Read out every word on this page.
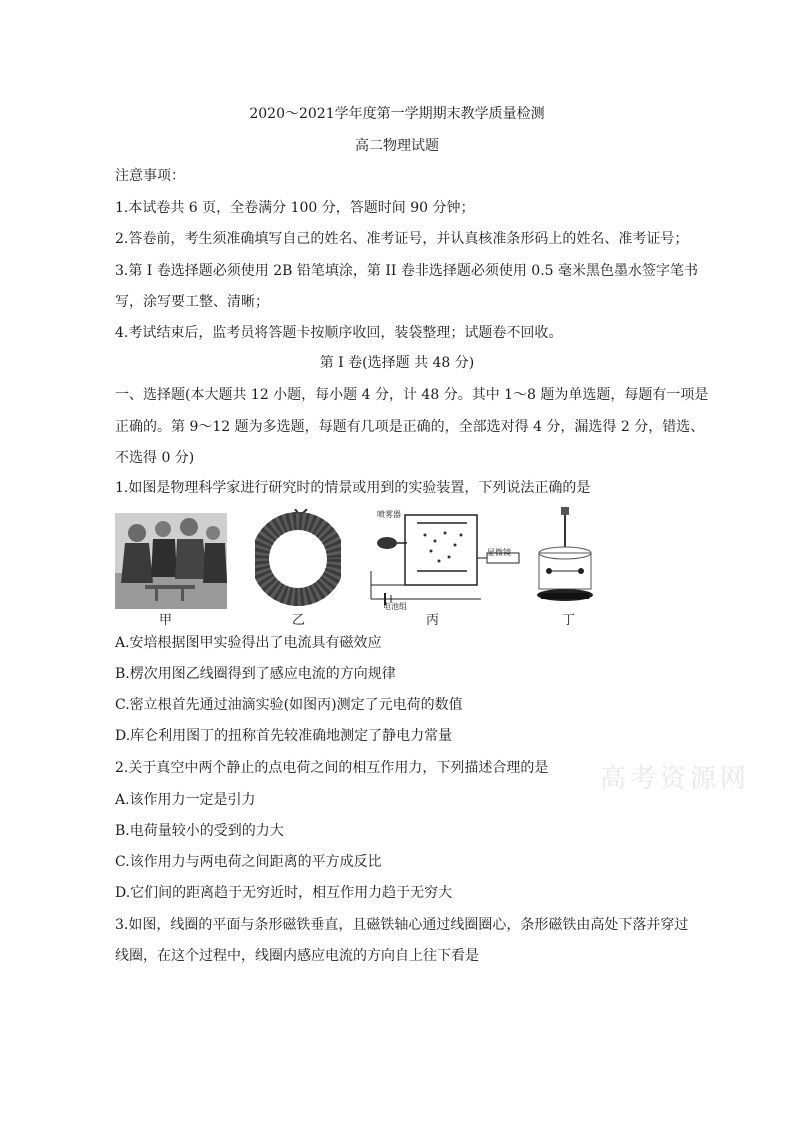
2020～2021学年度第一学期期末教学质量检测
高二物理试题
注意事项：
1.本试卷共 6 页，全卷满分 100 分，答题时间 90 分钟；
2.答卷前，考生须准确填写自己的姓名、准考证号，并认真核准条形码上的姓名、准考证号；
3.第 I 卷选择题必须使用 2B 铅笔填涂，第 II 卷非选择题必须使用 0.5 毫米黑色墨水签字笔书
写，涂写要工整、清晰；
4.考试结束后，监考员将答题卡按顺序收回，装袋整理；试题卷不回收。
第 I 卷(选择题 共 48 分)
一、选择题(本大题共 12 小题，每小题 4 分，计 48 分。其中 1～8 题为单选题，每题有一项是
正确的。第 9～12 题为多选题，每题有几项是正确的，全部选对得 4 分，漏选得 2 分，错选、
不选得 0 分)
1.如图是物理科学家进行研究时的情景或用到的实验装置，下列说法正确的是
喷雾器
显微镜
电池组
甲	乙	丙	丁
A.安培根据图甲实验得出了电流具有磁效应
B.楞次用图乙线圈得到了感应电流的方向规律
C.密立根首先通过油滴实验(如图丙)测定了元电荷的数值
D.库仑利用图丁的扭称首先较准确地测定了静电力常量
2.关于真空中两个静止的点电荷之间的相互作用力，下列描述合理的是
A.该作用力一定是引力
B.电荷量较小的受到的力大
C.该作用力与两电荷之间距离的平方成反比
D.它们间的距离趋于无穷近时，相互作用力趋于无穷大
3.如图，线圈的平面与条形磁铁垂直，且磁铁轴心通过线圈圈心，条形磁铁由高处下落并穿过
线圈，在这个过程中，线圈内感应电流的方向自上往下看是
高考资源网
